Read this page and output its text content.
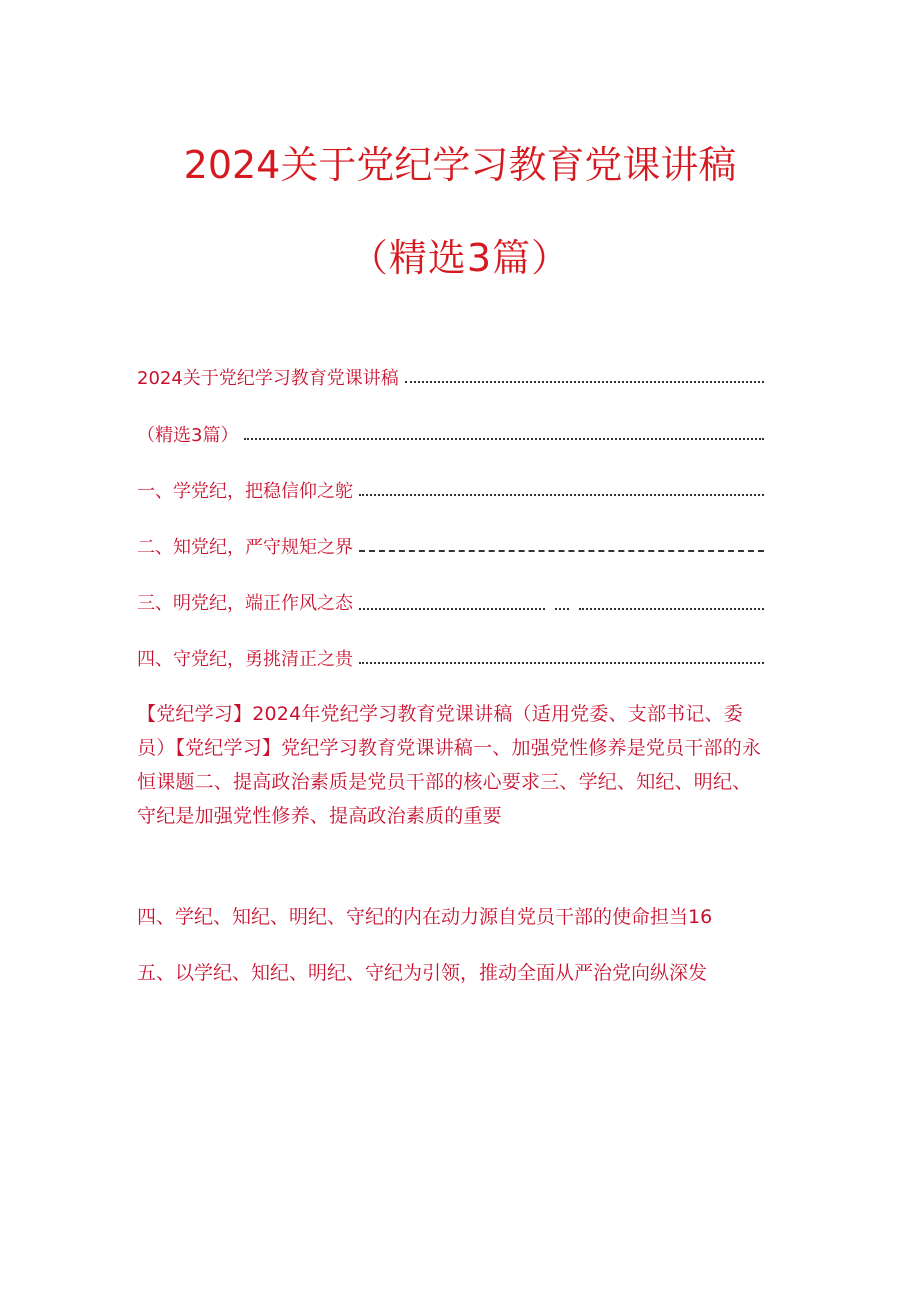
2024关于党纪学习教育党课讲稿
（精选3篇）
2024关于党纪学习教育党课讲稿
（精选3篇）
一、学党纪，把稳信仰之鸵
二、知党纪，严守规矩之界
三、明党纪，端正作风之态
四、守党纪，勇挑清正之贵
【党纪学习】2024年党纪学习教育党课讲稿（适用党委、支部书记、委员）【党纪学习】党纪学习教育党课讲稿一、加强党性修养是党员干部的永恒课题二、提高政治素质是党员干部的核心要求三、学纪、知纪、明纪、守纪是加强党性修养、提高政治素质的重要
四、学纪、知纪、明纪、守纪的内在动力源自党员干部的使命担当16
五、以学纪、知纪、明纪、守纪为引领，推动全面从严治党向纵深发
